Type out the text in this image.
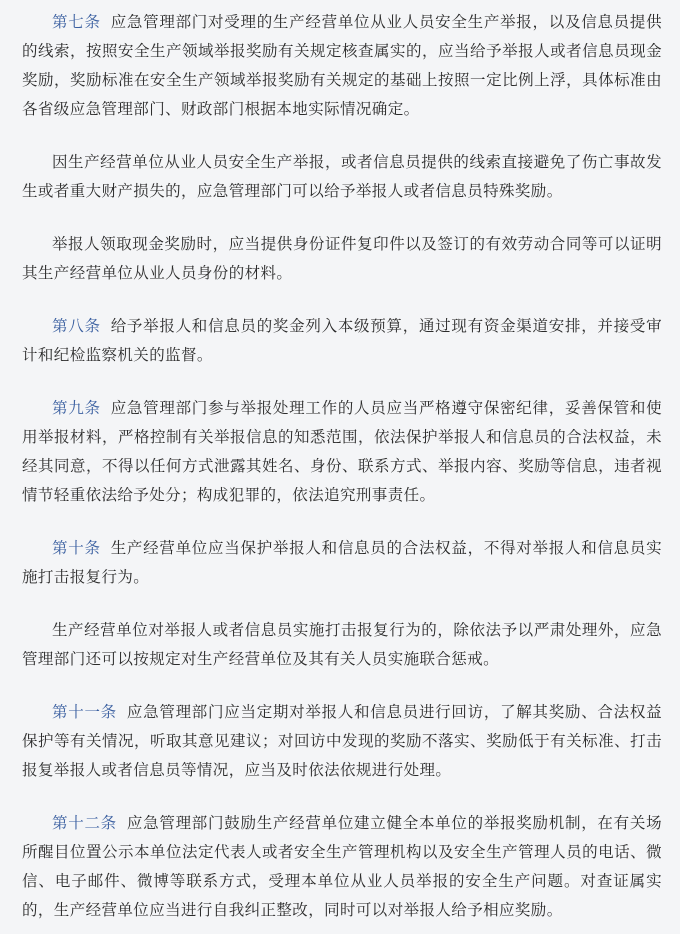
第七条 应急管理部门对受理的生产经营单位从业人员安全生产举报，以及信息员提供的线索，按照安全生产领域举报奖励有关规定核查属实的，应当给予举报人或者信息员现金奖励，奖励标准在安全生产领域举报奖励有关规定的基础上按照一定比例上浮，具体标准由各省级应急管理部门、财政部门根据本地实际情况确定。

因生产经营单位从业人员安全生产举报，或者信息员提供的线索直接避免了伤亡事故发生或者重大财产损失的，应急管理部门可以给予举报人或者信息员特殊奖励。

举报人领取现金奖励时，应当提供身份证件复印件以及签订的有效劳动合同等可以证明其生产经营单位从业人员身份的材料。

第八条 给予举报人和信息员的奖金列入本级预算，通过现有资金渠道安排，并接受审计和纪检监察机关的监督。

第九条 应急管理部门参与举报处理工作的人员应当严格遵守保密纪律，妥善保管和使用举报材料，严格控制有关举报信息的知悉范围，依法保护举报人和信息员的合法权益，未经其同意，不得以任何方式泄露其姓名、身份、联系方式、举报内容、奖励等信息，违者视情节轻重依法给予处分；构成犯罪的，依法追究刑事责任。

第十条 生产经营单位应当保护举报人和信息员的合法权益，不得对举报人和信息员实施打击报复行为。

生产经营单位对举报人或者信息员实施打击报复行为的，除依法予以严肃处理外，应急管理部门还可以按规定对生产经营单位及其有关人员实施联合惩戒。

第十一条 应急管理部门应当定期对举报人和信息员进行回访，了解其奖励、合法权益保护等有关情况，听取其意见建议；对回访中发现的奖励不落实、奖励低于有关标准、打击报复举报人或者信息员等情况，应当及时依法依规进行处理。

第十二条 应急管理部门鼓励生产经营单位建立健全本单位的举报奖励机制，在有关场所醒目位置公示本单位法定代表人或者安全生产管理机构以及安全生产管理人员的电话、微信、电子邮件、微博等联系方式，受理本单位从业人员举报的安全生产问题。对查证属实的，生产经营单位应当进行自我纠正整改，同时可以对举报人给予相应奖励。
